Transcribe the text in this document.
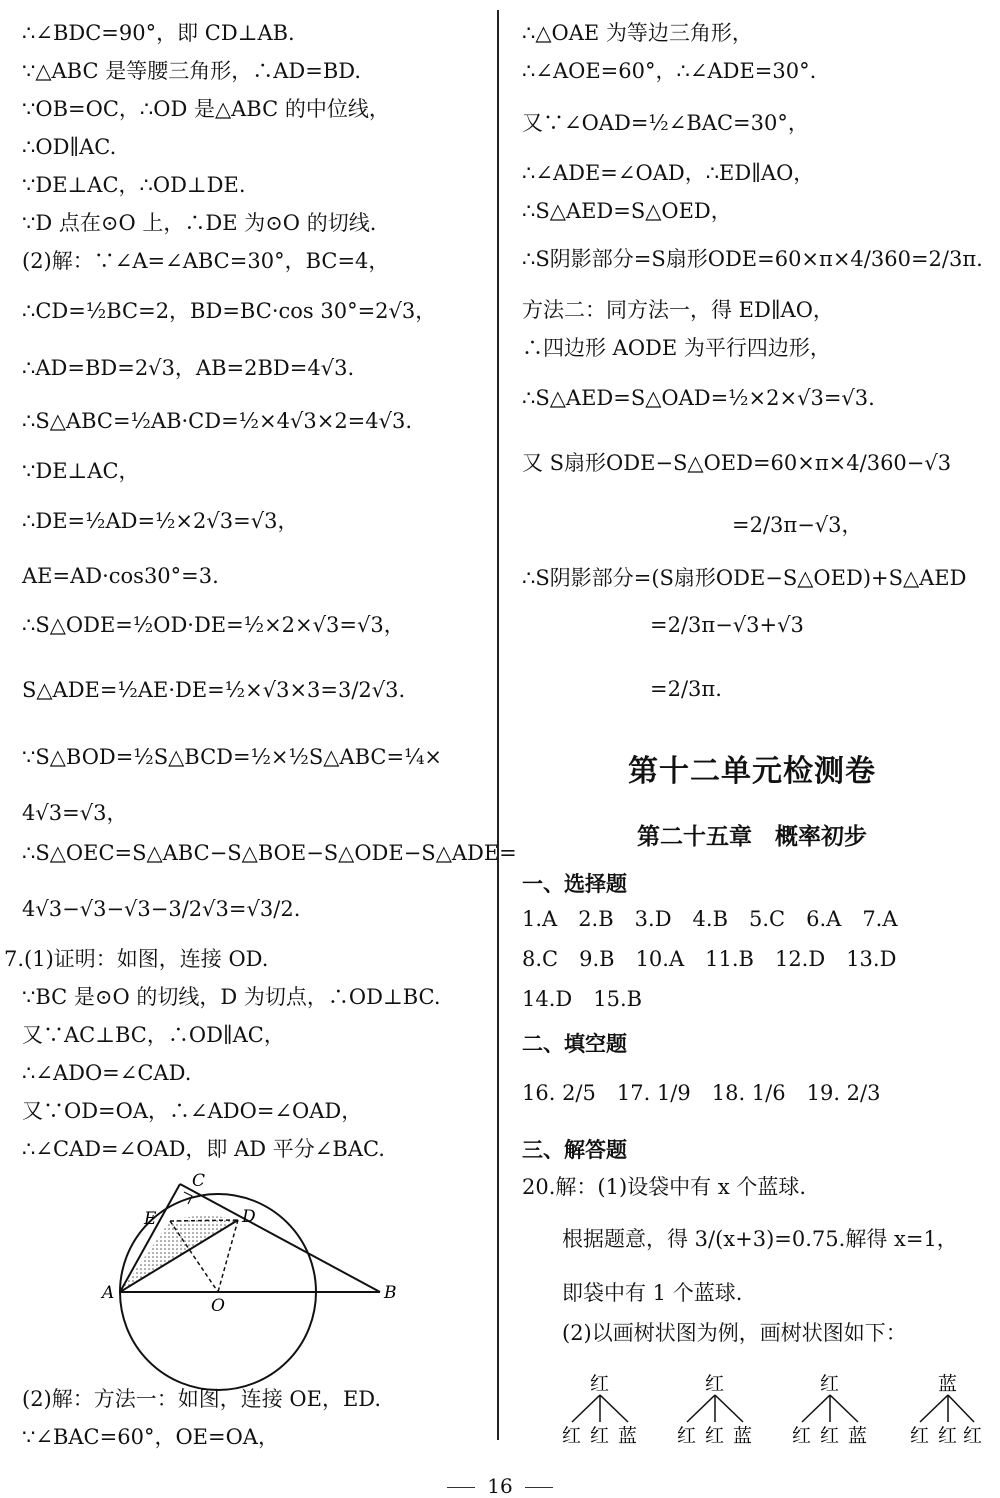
∴∠BDC=90°，即 CD⊥AB.
∵△ABC 是等腰三角形，∴AD=BD.
∵OB=OC，∴OD 是△ABC 的中位线，
∴OD∥AC.
∵DE⊥AC，∴OD⊥DE.
∵D 点在⊙O 上，∴DE 为⊙O 的切线.
(2)解：∵∠A=∠ABC=30°，BC=4，
∴CD=½BC=2，BD=BC·cos 30°=2√3，
∴AD=BD=2√3，AB=2BD=4√3.
∴S△ABC=½AB·CD=½×4√3×2=4√3.
∵DE⊥AC，
∴DE=½AD=½×2√3=√3，
AE=AD·cos30°=3.
∴S△ODE=½OD·DE=½×2×√3=√3，
S△ADE=½AE·DE=½×√3×3=3/2√3.
∵S△BOD=½S△BCD=½×½S△ABC=¼×
4√3=√3，
∴S△OEC=S△ABC−S△BOE−S△ODE−S△ADE=
4√3−√3−√3−3/2√3=√3/2.
7.(1)证明：如图，连接 OD.
∵BC 是⊙O 的切线，D 为切点，∴OD⊥BC.
又∵AC⊥BC，∴OD∥AC，
∴∠ADO=∠CAD.
又∵OD=OA，∴∠ADO=∠OAD，
∴∠CAD=∠OAD，即 AD 平分∠BAC.
C
E	D
A
O
B
(2)解：方法一：如图，连接 OE，ED.
∵∠BAC=60°，OE=OA，
∴△OAE 为等边三角形，
∴∠AOE=60°，∴∠ADE=30°.
又∵∠OAD=½∠BAC=30°，
∴∠ADE=∠OAD，∴ED∥AO，
∴S△AED=S△OED，
∴S阴影部分=S扇形ODE=60×π×4/360=2/3π.
方法二：同方法一，得 ED∥AO，
∴四边形 AODE 为平行四边形，
∴S△AED=S△OAD=½×2×√3=√3.
又 S扇形ODE−S△OED=60×π×4/360−√3
=2/3π−√3，
∴S阴影部分=(S扇形ODE−S△OED)+S△AED
=2/3π−√3+√3
=2/3π.
第十二单元检测卷
第二十五章　概率初步
一、选择题
1.A　2.B　3.D　4.B　5.C　6.A　7.A
8.C　9.B　10.A　11.B　12.D　13.D
14.D　15.B
二、填空题
16. 2/5　17. 1/9　18. 1/6　19. 2/3
三、解答题
20.解：(1)设袋中有 x 个蓝球.
根据题意，得 3/(x+3)=0.75.解得 x=1，
即袋中有 1 个蓝球.
(2)以画树状图为例，画树状图如下：
红
红 红 蓝
红
红 红 蓝
红
红 红 蓝
蓝
红 红 红
16
